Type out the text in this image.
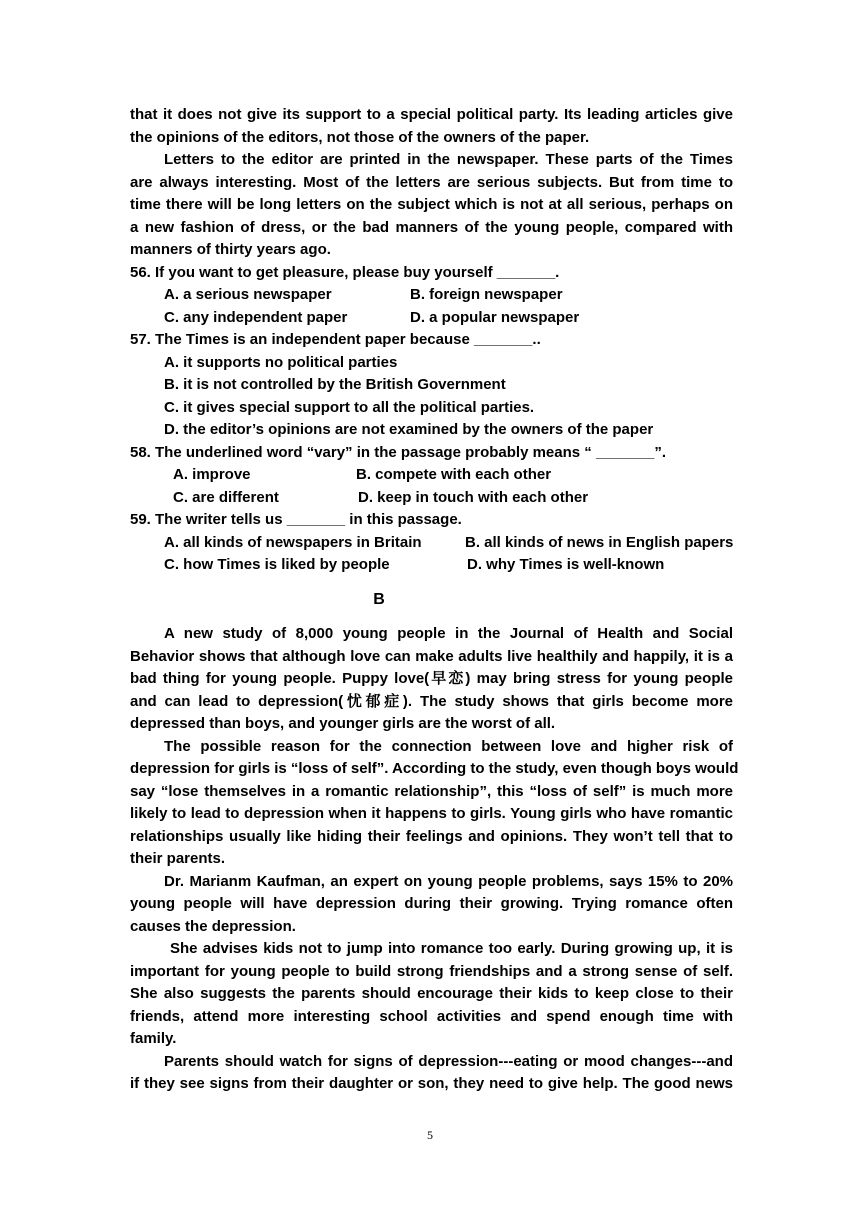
that it does not give its support to a special political party. Its leading articles give
the opinions of the editors, not those of the owners of the paper.
Letters to the editor are printed in the newspaper. These parts of the Times
are always interesting. Most of the letters are serious subjects. But from time to
time there will be long letters on the subject which is not at all serious, perhaps on
a new fashion of dress, or the bad manners of the young people, compared with
manners of thirty years ago.
56. If you want to get pleasure, please buy yourself _______.
A. a serious newspaper	B. foreign newspaper
C. any independent paper	D. a popular newspaper
57. The Times is an independent paper because _______..
A. it supports no political parties
B. it is not controlled by the British Government
C. it gives special support to all the political parties.
D. the editor’s opinions are not examined by the owners of the paper
58. The underlined word “vary” in the passage probably means “ _______”.
A. improve	B. compete with each other
C. are different	D. keep in touch with each other
59. The writer tells us _______ in this passage.
A. all kinds of newspapers in Britain	B. all kinds of news in English papers
C. how Times is liked by people	D. why Times is well-known
B
A new study of 8,000 young people in the Journal of Health and Social
Behavior shows that although love can make adults live healthily and happily, it is a
bad thing for young people. Puppy love(早恋) may bring stress for young people
and can lead to depression(忧郁症). The study shows that girls become more
depressed than boys, and younger girls are the worst of all.
The possible reason for the connection between love and higher risk of
depression for girls is “loss of self”. According to the study, even though boys would
say “lose themselves in a romantic relationship”, this “loss of self” is much more
likely to lead to depression when it happens to girls. Young girls who have romantic
relationships usually like hiding their feelings and opinions. They won’t tell that to
their parents.
Dr. Marianm Kaufman, an expert on young people problems, says 15% to 20%
young people will have depression during their growing. Trying romance often
causes the depression.
She advises kids not to jump into romance too early. During growing up, it is
important for young people to build strong friendships and a strong sense of self.
She also suggests the parents should encourage their kids to keep close to their
friends, attend more interesting school activities and spend enough time with
family.
Parents should watch for signs of depression---eating or mood changes---and
if they see signs from their daughter or son, they need to give help. The good news
5
